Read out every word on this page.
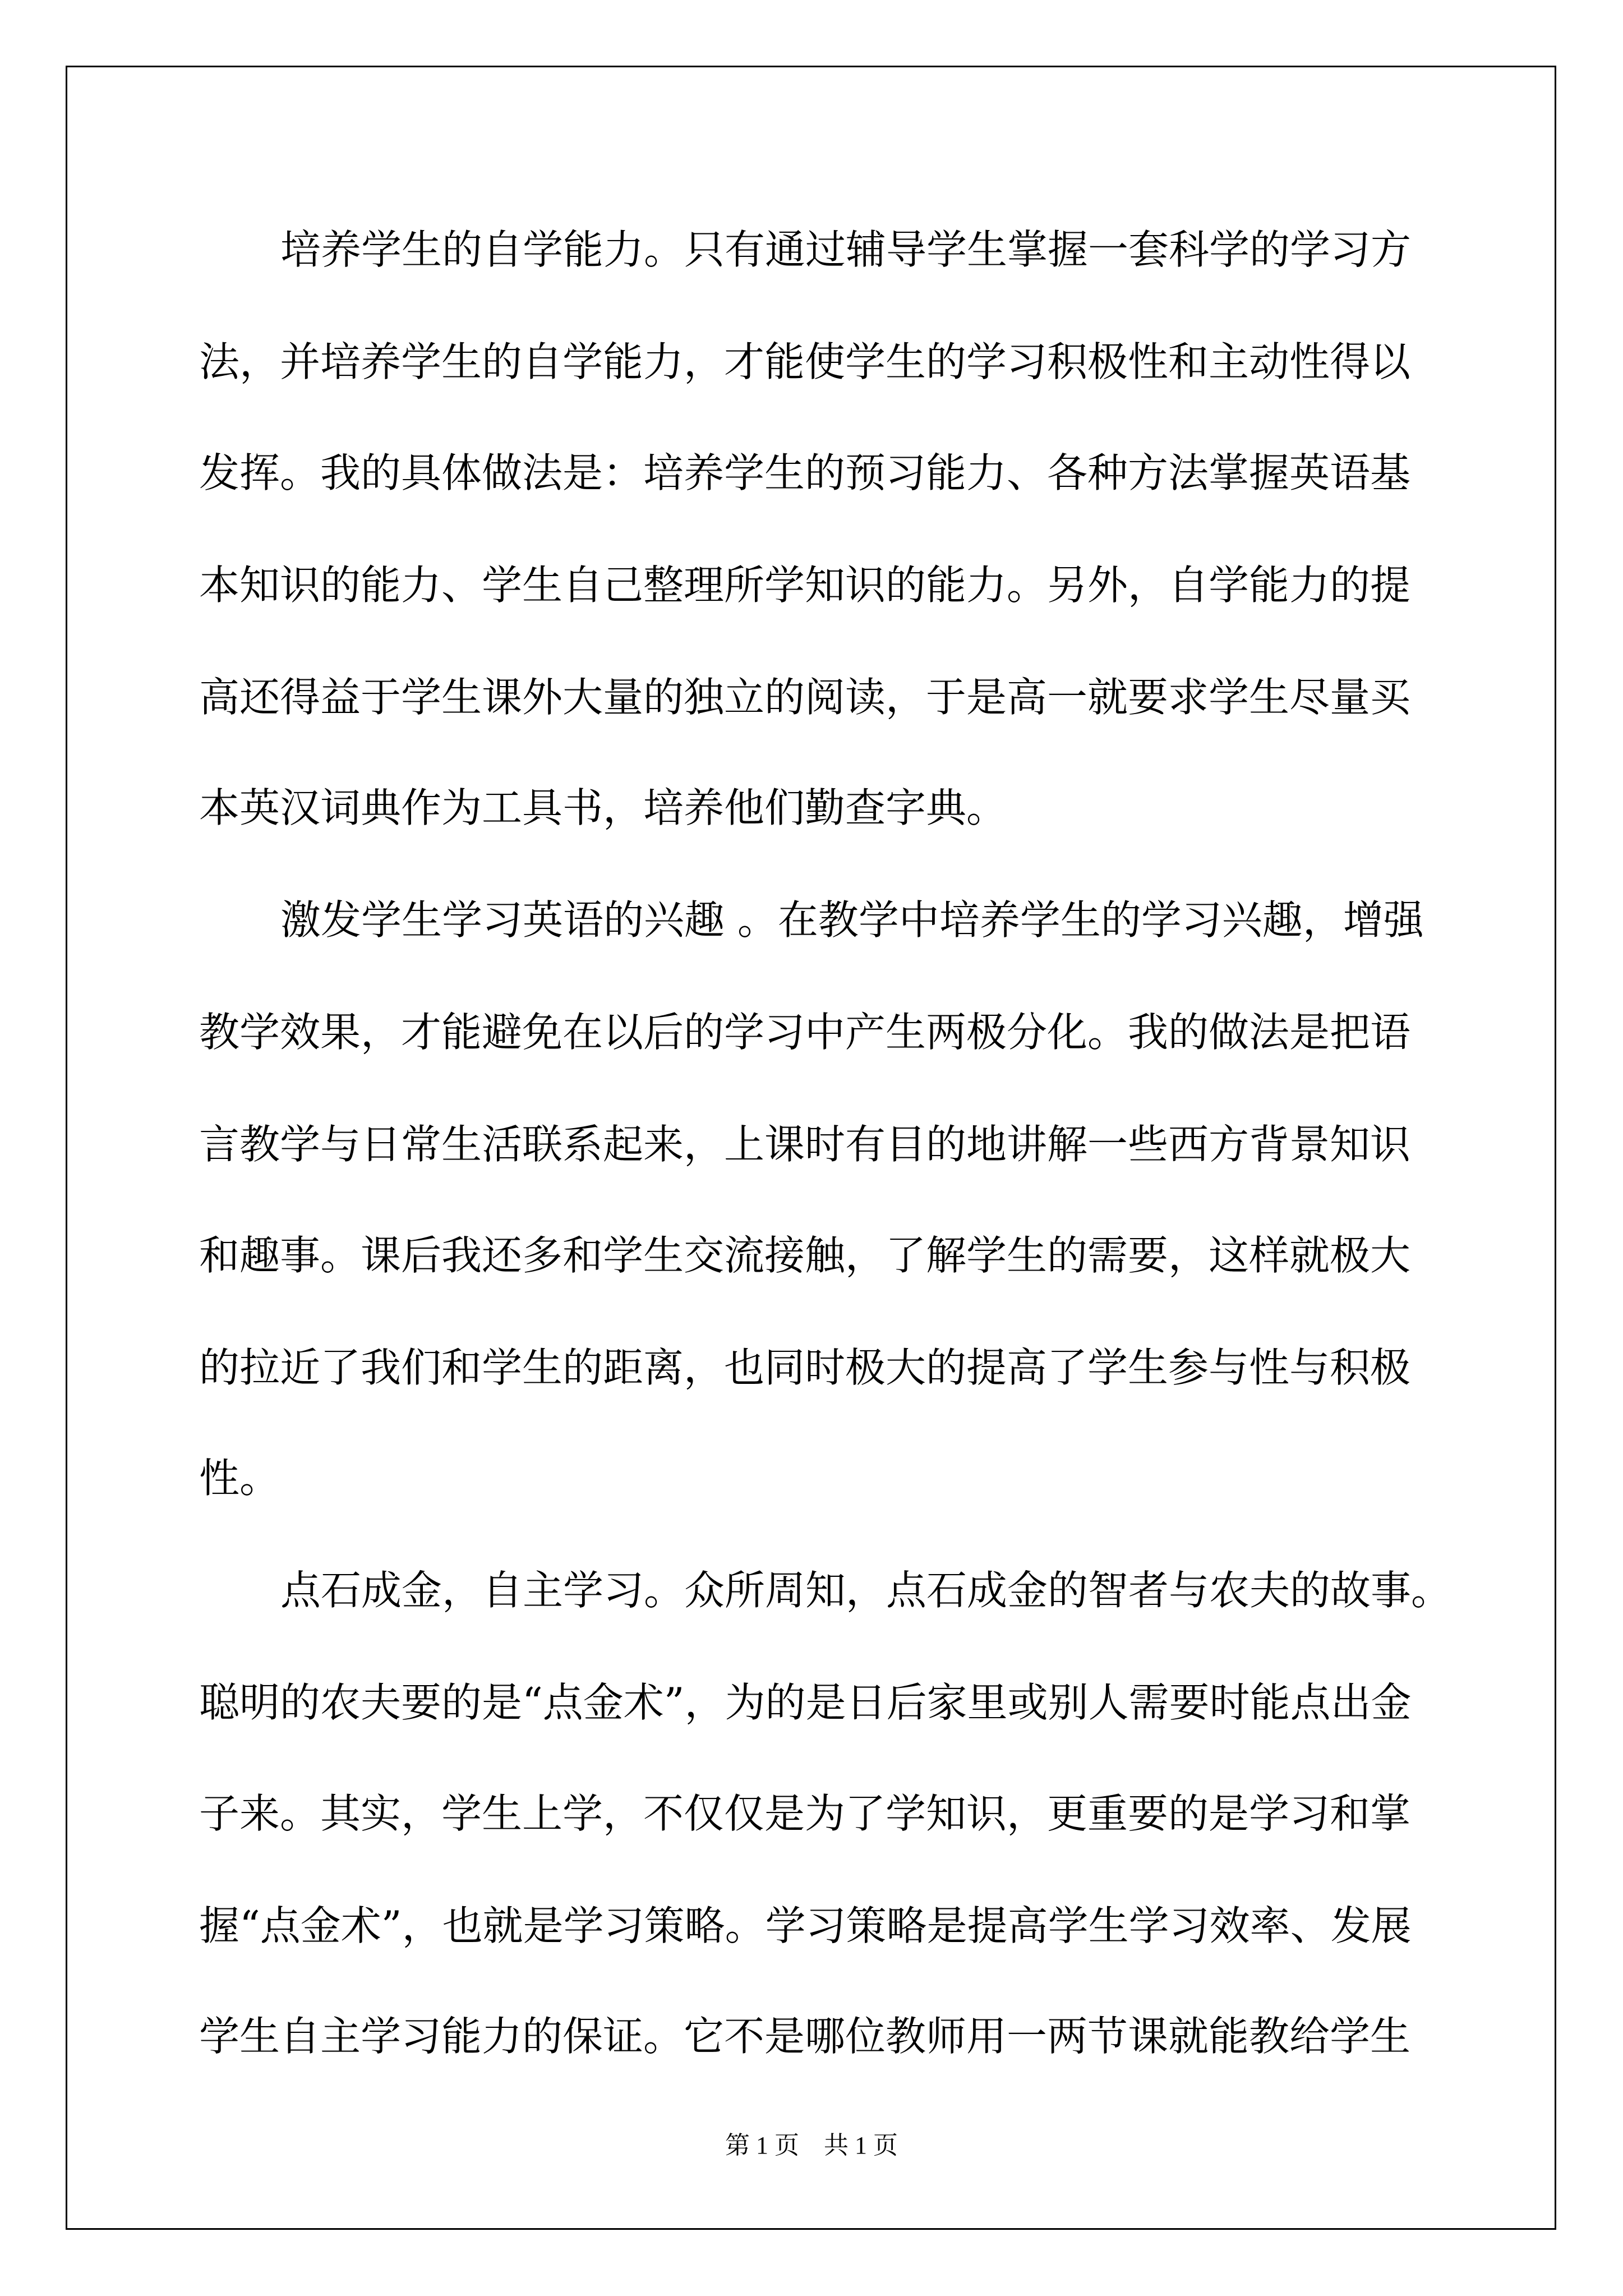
培养学生的自学能力。只有通过辅导学生掌握一套科学的学习方

法，并培养学生的自学能力，才能使学生的学习积极性和主动性得以

发挥。我的具体做法是：培养学生的预习能力、各种方法掌握英语基

本知识的能力、学生自己整理所学知识的能力。另外，自学能力的提

高还得益于学生课外大量的独立的阅读，于是高一就要求学生尽量买

本英汉词典作为工具书，培养他们勤查字典。

激发学生学习英语的兴趣 。在教学中培养学生的学习兴趣，增强

教学效果，才能避免在以后的学习中产生两极分化。我的做法是把语

言教学与日常生活联系起来，上课时有目的地讲解一些西方背景知识

和趣事。课后我还多和学生交流接触，了解学生的需要，这样就极大

的拉近了我们和学生的距离，也同时极大的提高了学生参与性与积极

性。

点石成金，自主学习。众所周知，点石成金的智者与农夫的故事。

聪明的农夫要的是“点金术”，为的是日后家里或别人需要时能点出金

子来。其实，学生上学，不仅仅是为了学知识，更重要的是学习和掌

握“点金术”，也就是学习策略。学习策略是提高学生学习效率、发展

学生自主学习能力的保证。它不是哪位教师用一两节课就能教给学生

第 1 页 共 1 页
